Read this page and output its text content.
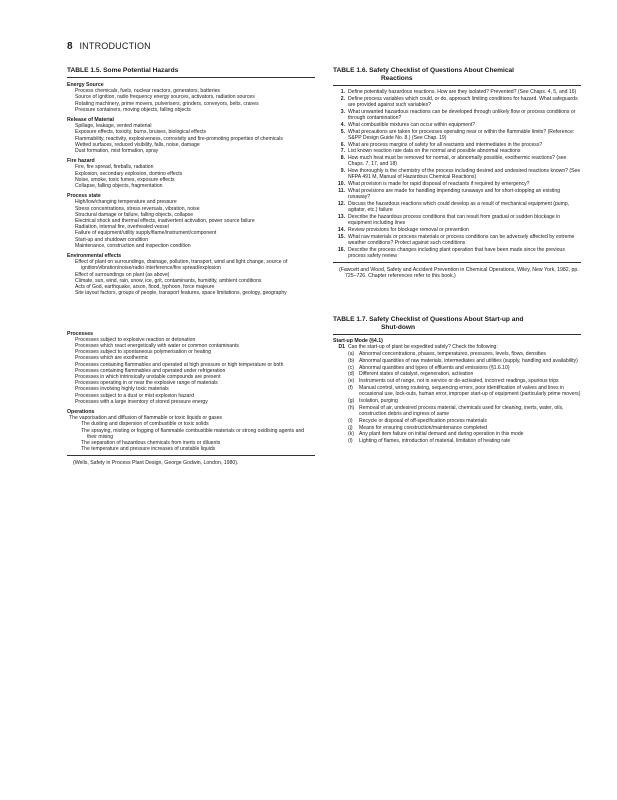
8 INTRODUCTION
TABLE 1.5. Some Potential Hazards
Energy Source
Process chemicals, fuels, nuclear reactors, generators, batteries
Source of ignition, radio frequency energy sources, activators, radiation sources
Rotating machinery, prime movers, pulverisers, grinders, conveyors, belts, cranes
Pressure containers, moving objects, falling objects
Release of Material
Spillage, leakage, vented material
Exposure effects, toxicity, burns, bruises, biological effects
Flammability, reactivity, explosiveness, corrosivity and fire-promoting properties of chemicals
Wetted surfaces, reduced visibility, falls, noise, damage
Dust formation, mist formation, spray
Fire hazard
Fire, fire spread, fireballs, radiation
Explosion, secondary explosion, domino effects
Noise, smoke, toxic fumes, exposure effects
Collapse, falling objects, fragmentation
Process state
High/low/changing temperature and pressure
Stress concentrations, stress reversals, vibration, noise
Structural damage or failure, falling objects, collapse
Electrical shock and thermal effects, inadvertent activation, power source failure
Radiation, internal fire, overheated vessel
Failure of equipment/utility supply/flame/instrument/component
Start-up and shutdown condition
Maintenance, construction and inspection condition
Environmental effects
Effect of plant on surroundings, drainage, pollution, transport, wind and light change, source of ignition/vibration/noise/radio interference/fire spread/explosion
Effect of surroundings on plant (as above)
Climate, sun, wind, rain, snow, ice, grit, contaminants, humidity, ambient conditions
Acts of God, earthquake, arson, flood, typhoon, force majeure
Site layout factors, groups of people, transport features, space limitations, geology, geography
Processes
Processes subject to explosive reaction or detonation
Processes which react energetically with water or common contaminants
Processes subject to spontaneous polymerisation or heating
Processes which are exothermic
Processes containing flammables and operated at high pressure or high temperature or both
Processes containing flammables and operated under refrigeration
Processes in which intrinsically unstable compounds are present
Processes operating in or near the explosive range of materials
Processes involving highly toxic materials
Processes subject to a dust or mist explosion hazard
Processes with a large inventory of stored pressure energy
Operations
The vaporisation and diffusion of flammable or toxic liquids or gases
The dusting and dispersion of combustible or toxic solids
The spraying, misting or fogging of flammable combustible materials or strong oxidising agents and their mixing
The separation of hazardous chemicals from inerts or diluents
The temperature and pressure increases of unstable liquids
(Wells, Safety in Process Plant Design, George Godwin, London, 1980).
TABLE 1.6. Safety Checklist of Questions About Chemical
Reactions
1. Define potentially hazardous reactions. How are they isolated? Prevented? (See Chaps. 4, 5, and 16)
2. Define process variables which could, or do, approach limiting conditions for hazard. What safeguards are provided against such variables?
3. What unwanted hazardous reactions can be developed through unlikely flow or process conditions or through contamination?
4. What combustible mixtures can occur within equipment?
5. What precautions are taken for processes operating near or within the flammable limits? (Reference: S&PP Design Guide No. 8.) (See Chap. 19)
6. What are process margins of safety for all reactants and intermediates in the process?
7. List known reaction rate data on the normal and possible abnormal reactions
8. How much heat must be removed for normal, or abnormally possible, exothermic reactions? (see Chaps. 7, 17, and 18)
9. How thoroughly is the chemistry of the process including desired and undesired reactions known? (See NFPA 491 M, Manual of Hazardous Chemical Reactions)
10. What provision is made for rapid disposal of reactants if required by emergency?
11. What provisions are made for handling impending runaways and for short-stopping an existing runaway?
12. Discuss the hazardous reactions which could develop as a result of mechanical equipment (pump, agitator, etc.) failure
13. Describe the hazardous process conditions that can result from gradual or sudden blockage in equipment including lines
14. Review provisions for blockage removal or prevention
15. What raw materials or process materials or process conditions can be adversely affected by extreme weather conditions? Protect against such conditions
16. Describe the process changes including plant operation that have been made since the previous process safety review
(Fawcett and Wood, Safety and Accident Prevention in Chemical Operations, Wiley, New York, 1982, pp. 725–726. Chapter references refer to this book.)
TABLE 1.7. Safety Checklist of Questions About Start-up and
Shut-down
Start-up Mode (§4.1)
D1 Can the start-up of plant be expedited safely? Check the following:
(a) Abnormal concentrations, phases, temperatures, pressures, levels, flows, densities
(b) Abnormal quantities of raw materials, intermediates and utilities (supply, handling and availability)
(c) Abnormal quantities and types of effluents and emissions (§1.6.10)
(d) Different states of catalyst, regeneration, activation
(e) Instruments out of range, not in service or de-activated, incorrect readings, spurious trips
(f)	Manual control, wrong routeing, sequencing errors, poor identification of valves and lines in occasional use, lock-outs, human error, improper start-up of equipment (particularly prime movers)
(g) Isolation, purging
(h) Removal of air, undesired process material, chemicals used for cleaning, inerts, water, oils, construction debris and ingress of same
(i)	Recycle or disposal of off-specification process materials
(j)	Means for ensuring construction/maintenance completed
(k) Any plant item failure on initial demand and during operation in this mode
(l)	Lighting of flames, introduction of material, limitation of heating rate
